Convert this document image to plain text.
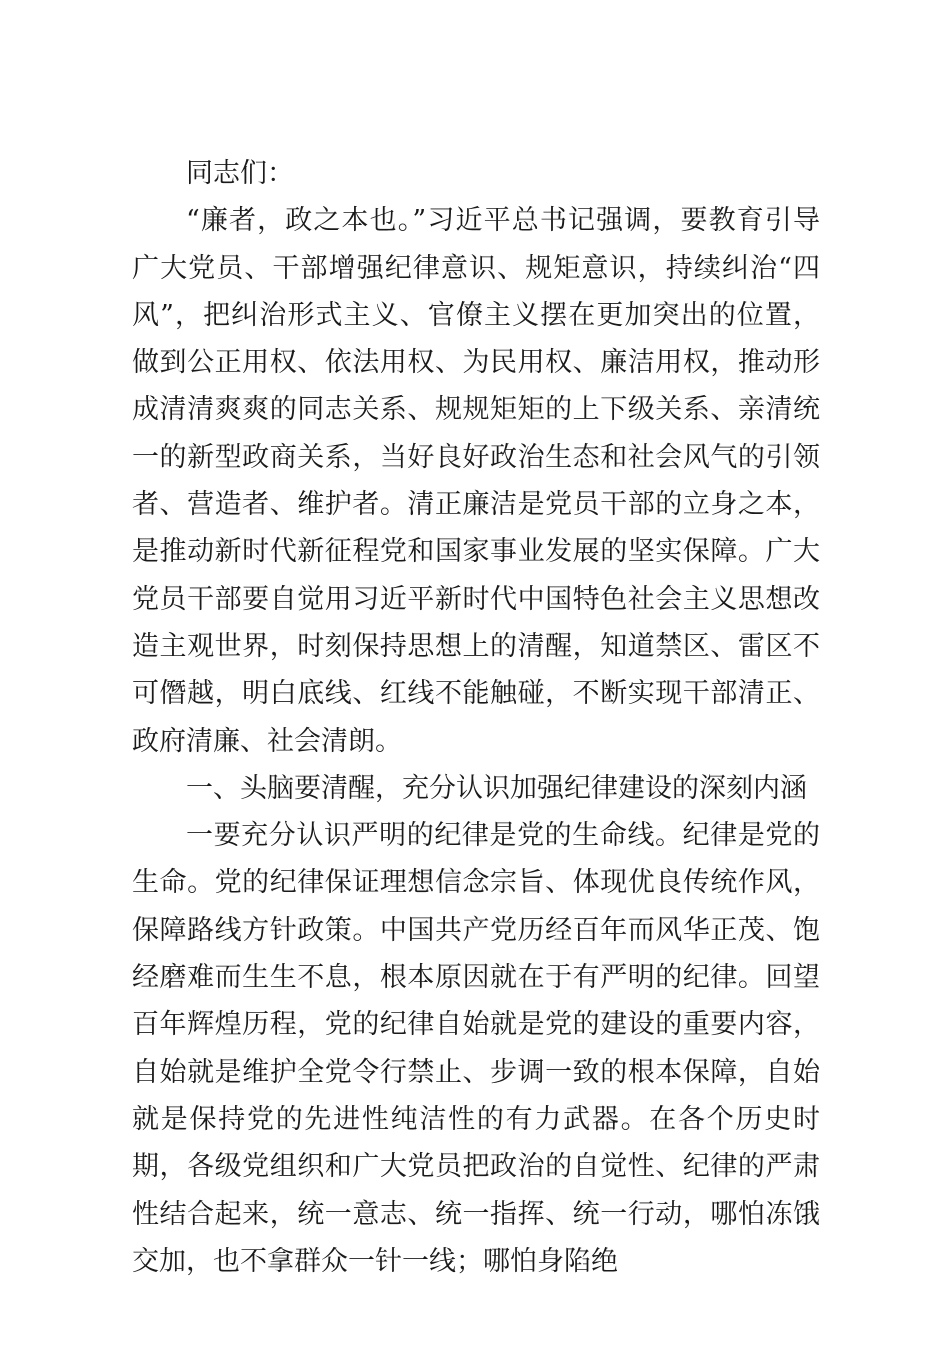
同志们：

“廉者，政之本也。”习近平总书记强调，要教育引导广大党员、干部增强纪律意识、规矩意识，持续纠治“四风”，把纠治形式主义、官僚主义摆在更加突出的位置，做到公正用权、依法用权、为民用权、廉洁用权，推动形成清清爽爽的同志关系、规规矩矩的上下级关系、亲清统一的新型政商关系，当好良好政治生态和社会风气的引领者、营造者、维护者。清正廉洁是党员干部的立身之本，是推动新时代新征程党和国家事业发展的坚实保障。广大党员干部要自觉用习近平新时代中国特色社会主义思想改造主观世界，时刻保持思想上的清醒，知道禁区、雷区不可僭越，明白底线、红线不能触碰，不断实现干部清正、政府清廉、社会清朗。

一、头脑要清醒，充分认识加强纪律建设的深刻内涵

一要充分认识严明的纪律是党的生命线。纪律是党的生命。党的纪律保证理想信念宗旨、体现优良传统作风，保障路线方针政策。中国共产党历经百年而风华正茂、饱经磨难而生生不息，根本原因就在于有严明的纪律。回望百年辉煌历程，党的纪律自始就是党的建设的重要内容，自始就是维护全党令行禁止、步调一致的根本保障，自始就是保持党的先进性纯洁性的有力武器。在各个历史时期，各级党组织和广大党员把政治的自觉性、纪律的严肃性结合起来，统一意志、统一指挥、统一行动，哪怕冻饿交加，也不拿群众一针一线；哪怕身陷绝
